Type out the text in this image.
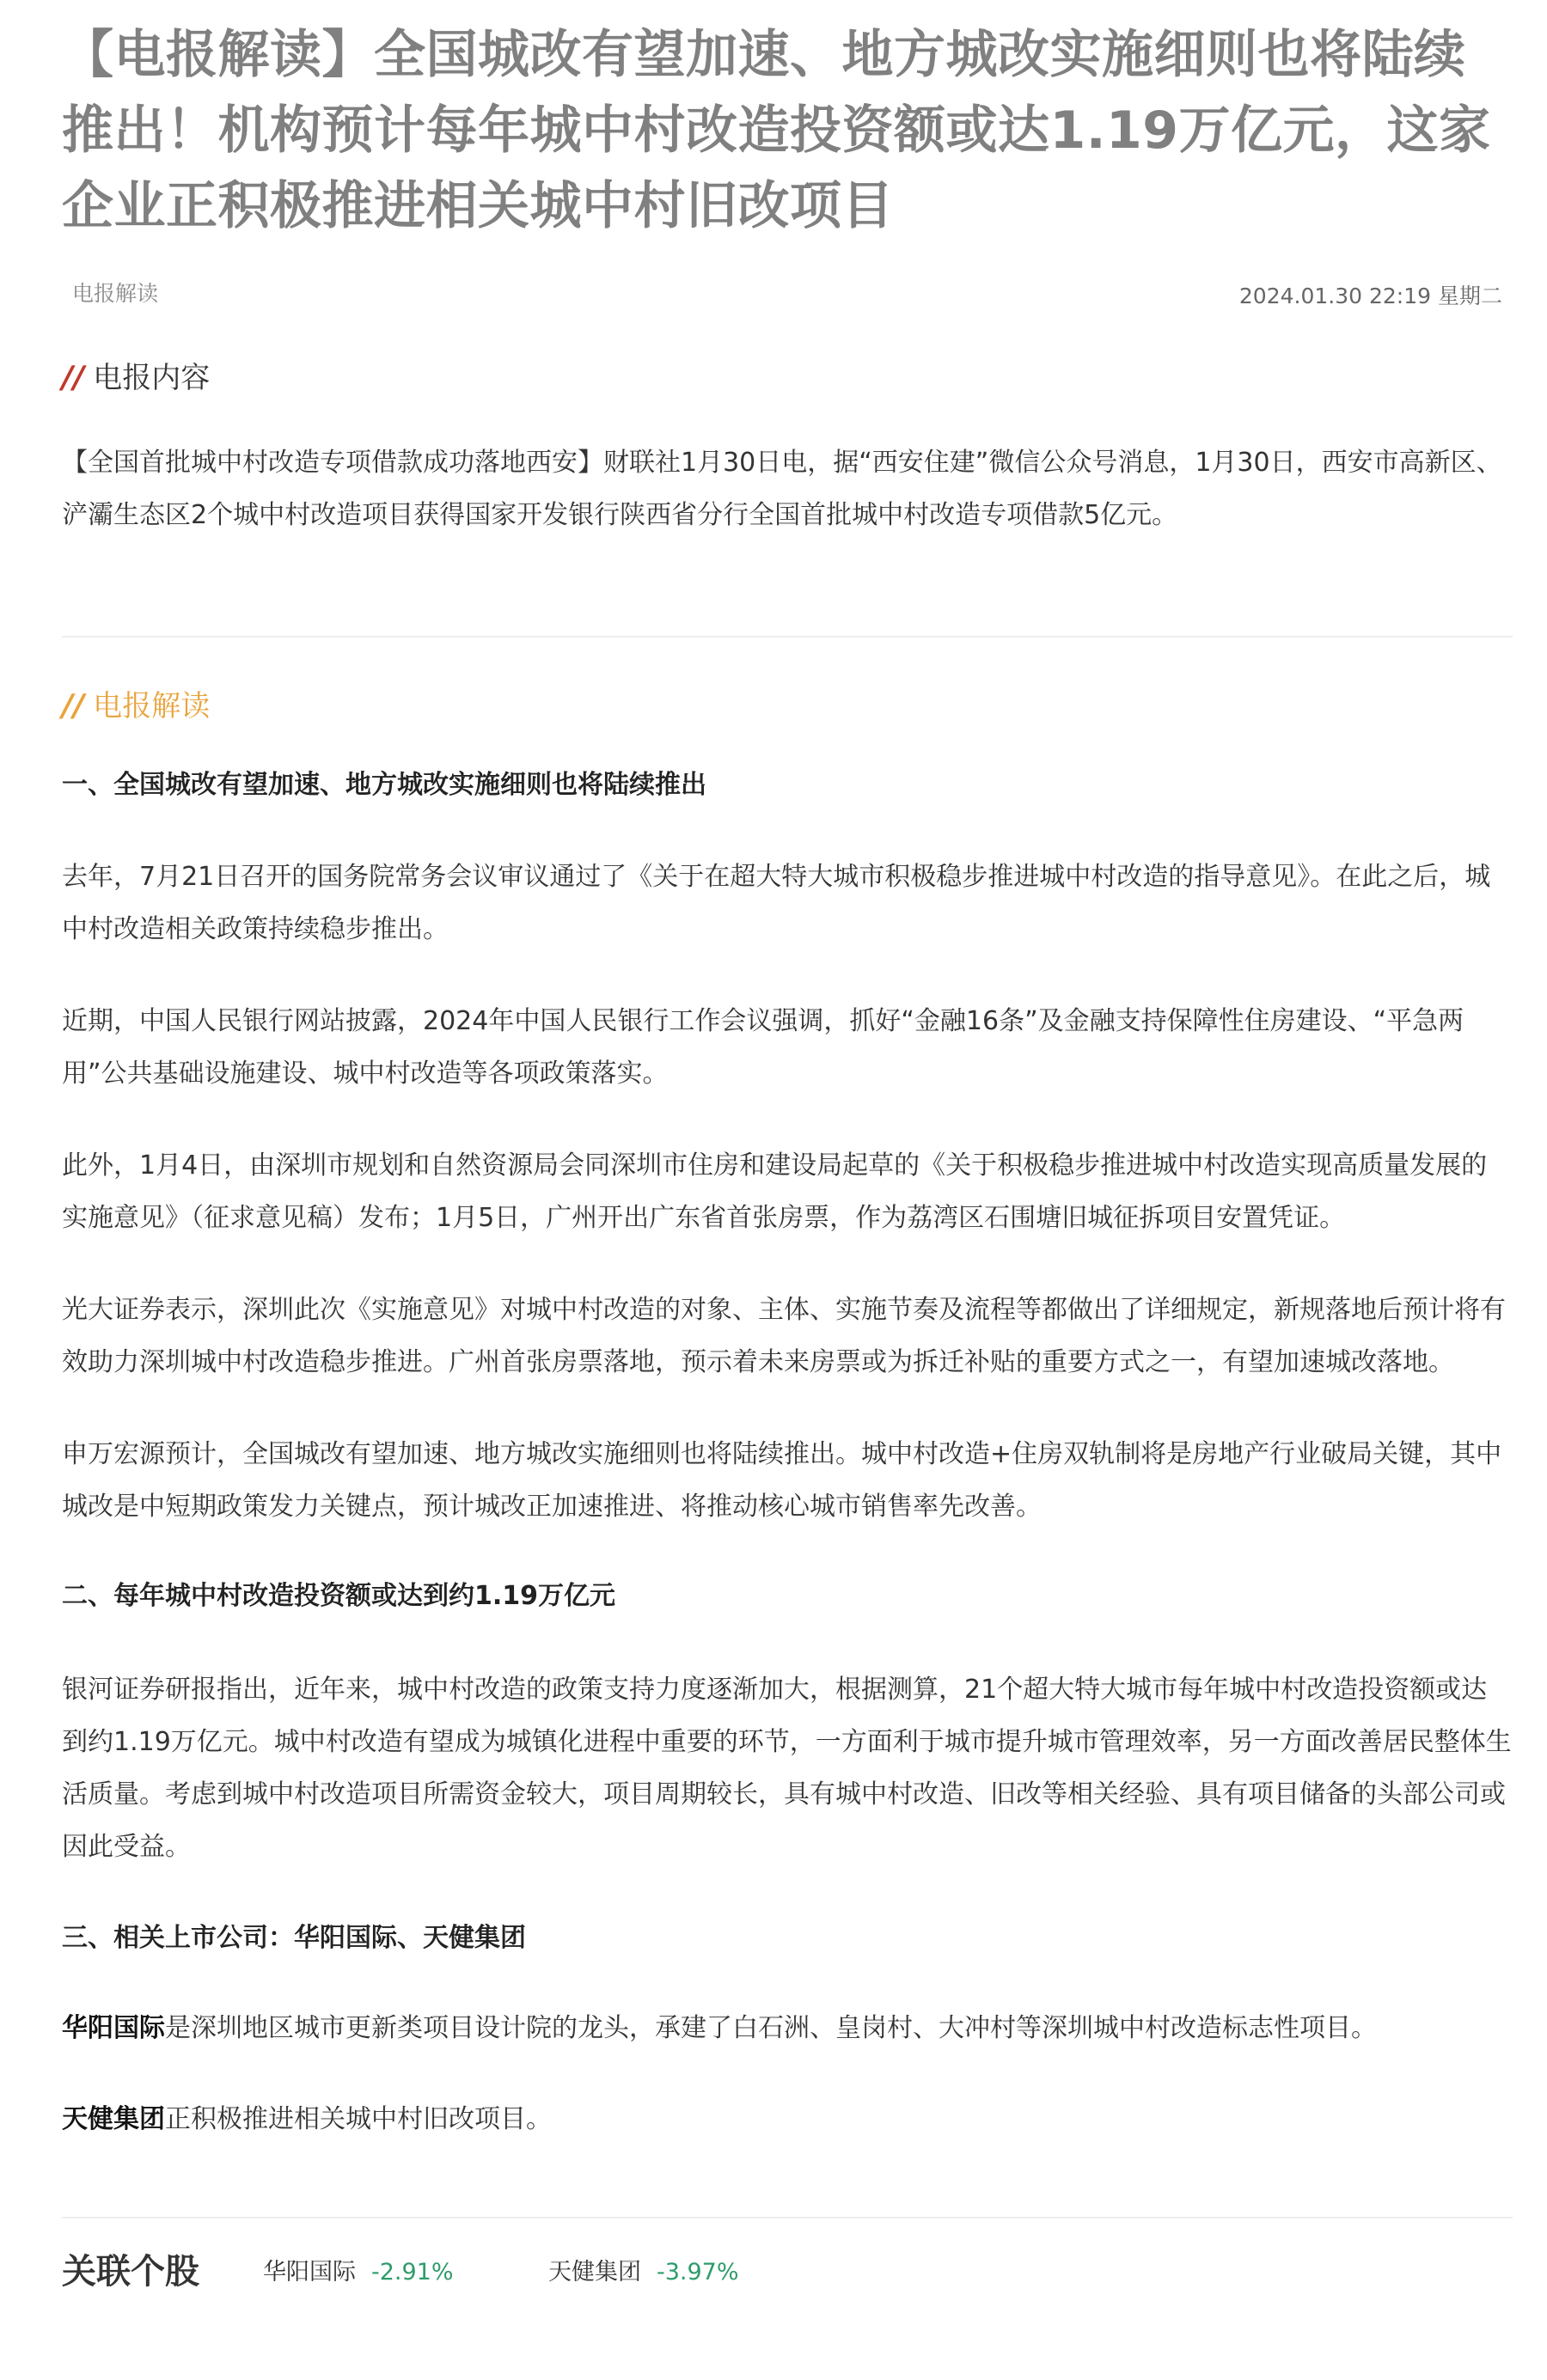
【电报解读】全国城改有望加速、地方城改实施细则也将陆续推出！机构预计每年城中村改造投资额或达1.19万亿元，这家企业正积极推进相关城中村旧改项目
电报解读	2024.01.30 22:19 星期二
// 电报内容

【全国首批城中村改造专项借款成功落地西安】财联社1月30日电，据“西安住建”微信公众号消息，1月30日，西安市高新区、浐灞生态区2个城中村改造项目获得国家开发银行陕西省分行全国首批城中村改造专项借款5亿元。

// 电报解读
一、全国城改有望加速、地方城改实施细则也将陆续推出

去年，7月21日召开的国务院常务会议审议通过了《关于在超大特大城市积极稳步推进城中村改造的指导意见》。在此之后，城中村改造相关政策持续稳步推出。

近期，中国人民银行网站披露，2024年中国人民银行工作会议强调，抓好“金融16条”及金融支持保障性住房建设、“平急两用”公共基础设施建设、城中村改造等各项政策落实。

此外，1月4日，由深圳市规划和自然资源局会同深圳市住房和建设局起草的《关于积极稳步推进城中村改造实现高质量发展的实施意见》（征求意见稿）发布；1月5日，广州开出广东省首张房票，作为荔湾区石围塘旧城征拆项目安置凭证。

光大证券表示，深圳此次《实施意见》对城中村改造的对象、主体、实施节奏及流程等都做出了详细规定，新规落地后预计将有效助力深圳城中村改造稳步推进。广州首张房票落地，预示着未来房票或为拆迁补贴的重要方式之一，有望加速城改落地。

申万宏源预计，全国城改有望加速、地方城改实施细则也将陆续推出。城中村改造+住房双轨制将是房地产行业破局关键，其中城改是中短期政策发力关键点，预计城改正加速推进、将推动核心城市销售率先改善。

二、每年城中村改造投资额或达到约1.19万亿元

银河证券研报指出，近年来，城中村改造的政策支持力度逐渐加大，根据测算，21个超大特大城市每年城中村改造投资额或达到约1.19万亿元。城中村改造有望成为城镇化进程中重要的环节，一方面利于城市提升城市管理效率，另一方面改善居民整体生活质量。考虑到城中村改造项目所需资金较大，项目周期较长，具有城中村改造、旧改等相关经验、具有项目储备的头部公司或因此受益。

三、相关上市公司：华阳国际、天健集团

华阳国际是深圳地区城市更新类项目设计院的龙头，承建了白石洲、皇岗村、大冲村等深圳城中村改造标志性项目。

天健集团正积极推进相关城中村旧改项目。

关联个股	华阳国际 -2.91%	天健集团 -3.97%
